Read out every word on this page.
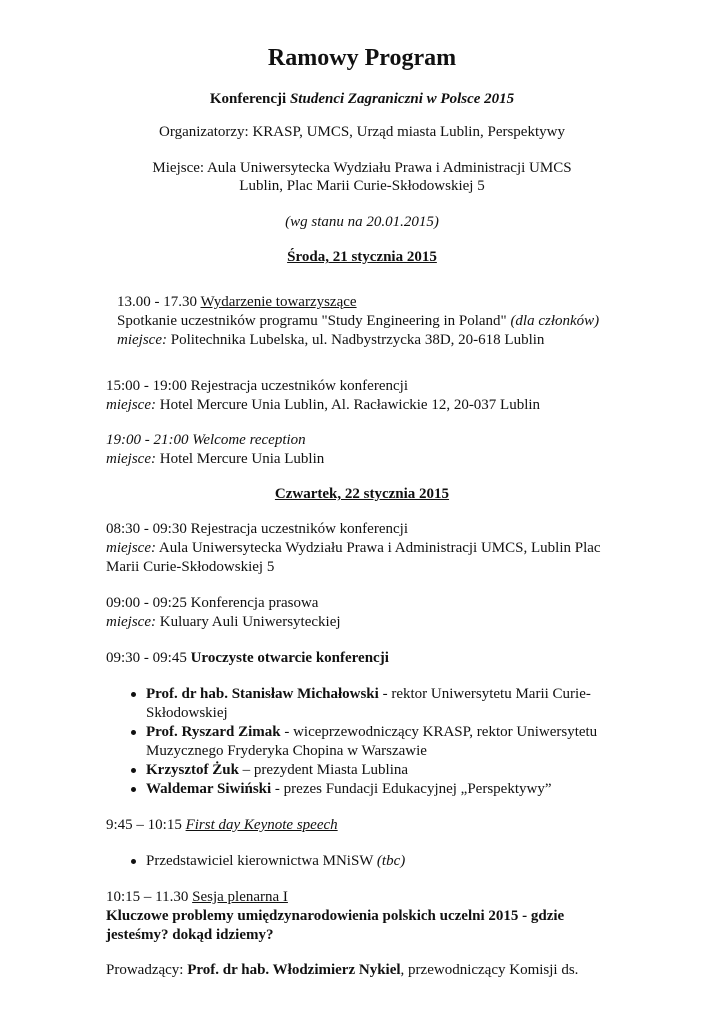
Ramowy Program
Konferencji Studenci Zagraniczni w Polsce 2015
Organizatorzy: KRASP, UMCS, Urząd miasta Lublin, Perspektywy
Miejsce: Aula Uniwersytecka Wydziału Prawa i Administracji UMCS
Lublin, Plac Marii Curie-Skłodowskiej 5
(wg stanu na 20.01.2015)
Środa, 21 stycznia 2015
13.00 - 17.30 Wydarzenie towarzyszące
Spotkanie uczestników programu "Study Engineering in Poland" (dla członków)
miejsce: Politechnika Lubelska, ul. Nadbystrzycka 38D, 20-618 Lublin
15:00 - 19:00 Rejestracja uczestników konferencji
miejsce: Hotel Mercure Unia Lublin, Al. Racławickie 12, 20-037 Lublin
19:00 - 21:00 Welcome reception
miejsce: Hotel Mercure Unia Lublin
Czwartek, 22 stycznia 2015
08:30 - 09:30 Rejestracja uczestników konferencji
miejsce: Aula Uniwersytecka Wydziału Prawa i Administracji UMCS, Lublin Plac
Marii Curie-Skłodowskiej 5
09:00 - 09:25 Konferencja prasowa
miejsce: Kuluary Auli Uniwersyteckiej
09:30 - 09:45 Uroczyste otwarcie konferencji
Prof. dr hab. Stanisław Michałowski - rektor Uniwersytetu Marii Curie-
Skłodowskiej
Prof. Ryszard Zimak - wiceprzewodniczący KRASP, rektor Uniwersytetu
Muzycznego Fryderyka Chopina w Warszawie
Krzysztof Żuk – prezydent Miasta Lublina
Waldemar Siwiński - prezes Fundacji Edukacyjnej „Perspektywy”
9:45 – 10:15 First day Keynote speech
Przedstawiciel kierownictwa MNiSW (tbc)
10:15 – 11.30 Sesja plenarna I
Kluczowe problemy umiędzynarodowienia polskich uczelni 2015 - gdzie
jesteśmy? dokąd idziemy?
Prowadzący: Prof. dr hab. Włodzimierz Nykiel, przewodniczący Komisji ds.
